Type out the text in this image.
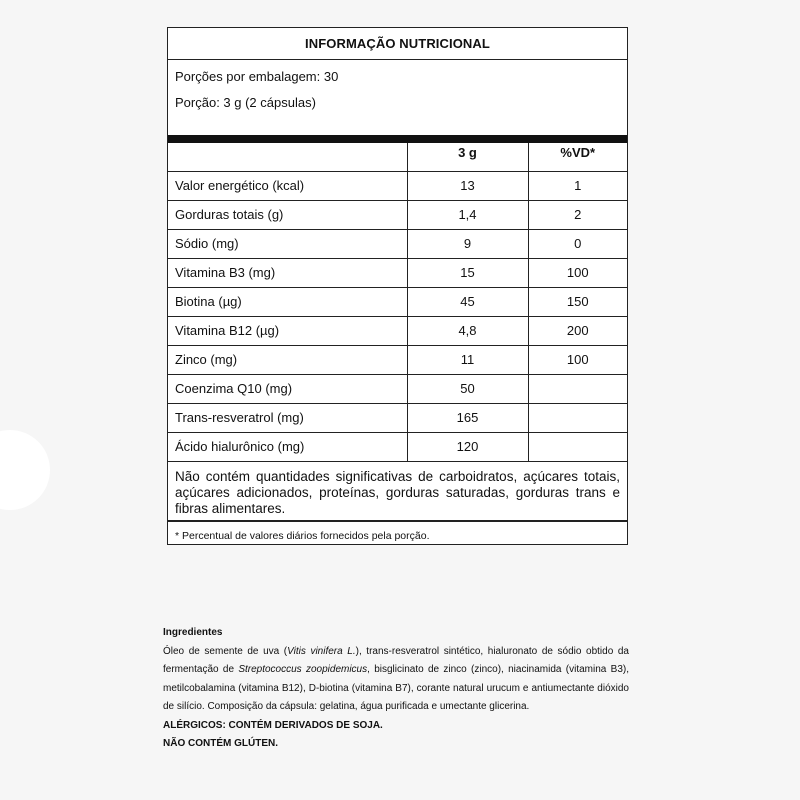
INFORMAÇÃO NUTRICIONAL
Porções por embalagem: 30
Porção: 3 g (2 cápsulas)
	3 g	%VD*
Valor energético (kcal)	13	1
Gorduras totais (g)	1,4	2
Sódio (mg)	9	0
Vitamina B3 (mg)	15	100
Biotina (µg)	45	150
Vitamina B12 (µg)	4,8	200
Zinco (mg)	11	100
Coenzima Q10 (mg)	50	
Trans-resveratrol (mg)	165	
Ácido hialurônico (mg)	120	
Não contém quantidades significativas de carboidratos, açúcares totais, açúcares adicionados, proteínas, gorduras saturadas, gorduras trans e fibras alimentares.
* Percentual de valores diários fornecidos pela porção.
Ingredientes
Óleo de semente de uva (Vitis vinifera L.), trans-resveratrol sintético, hialuronato de sódio obtido da fermentação de Streptococcus zoopidemicus, bisglicinato de zinco (zinco), niacinamida (vitamina B3), metilcobalamina (vitamina B12), D-biotina (vitamina B7), corante natural urucum e antiumectante dióxido de silício. Composição da cápsula: gelatina, água purificada e umectante glicerina.
ALÉRGICOS: CONTÉM DERIVADOS DE SOJA.
NÃO CONTÉM GLÚTEN.
